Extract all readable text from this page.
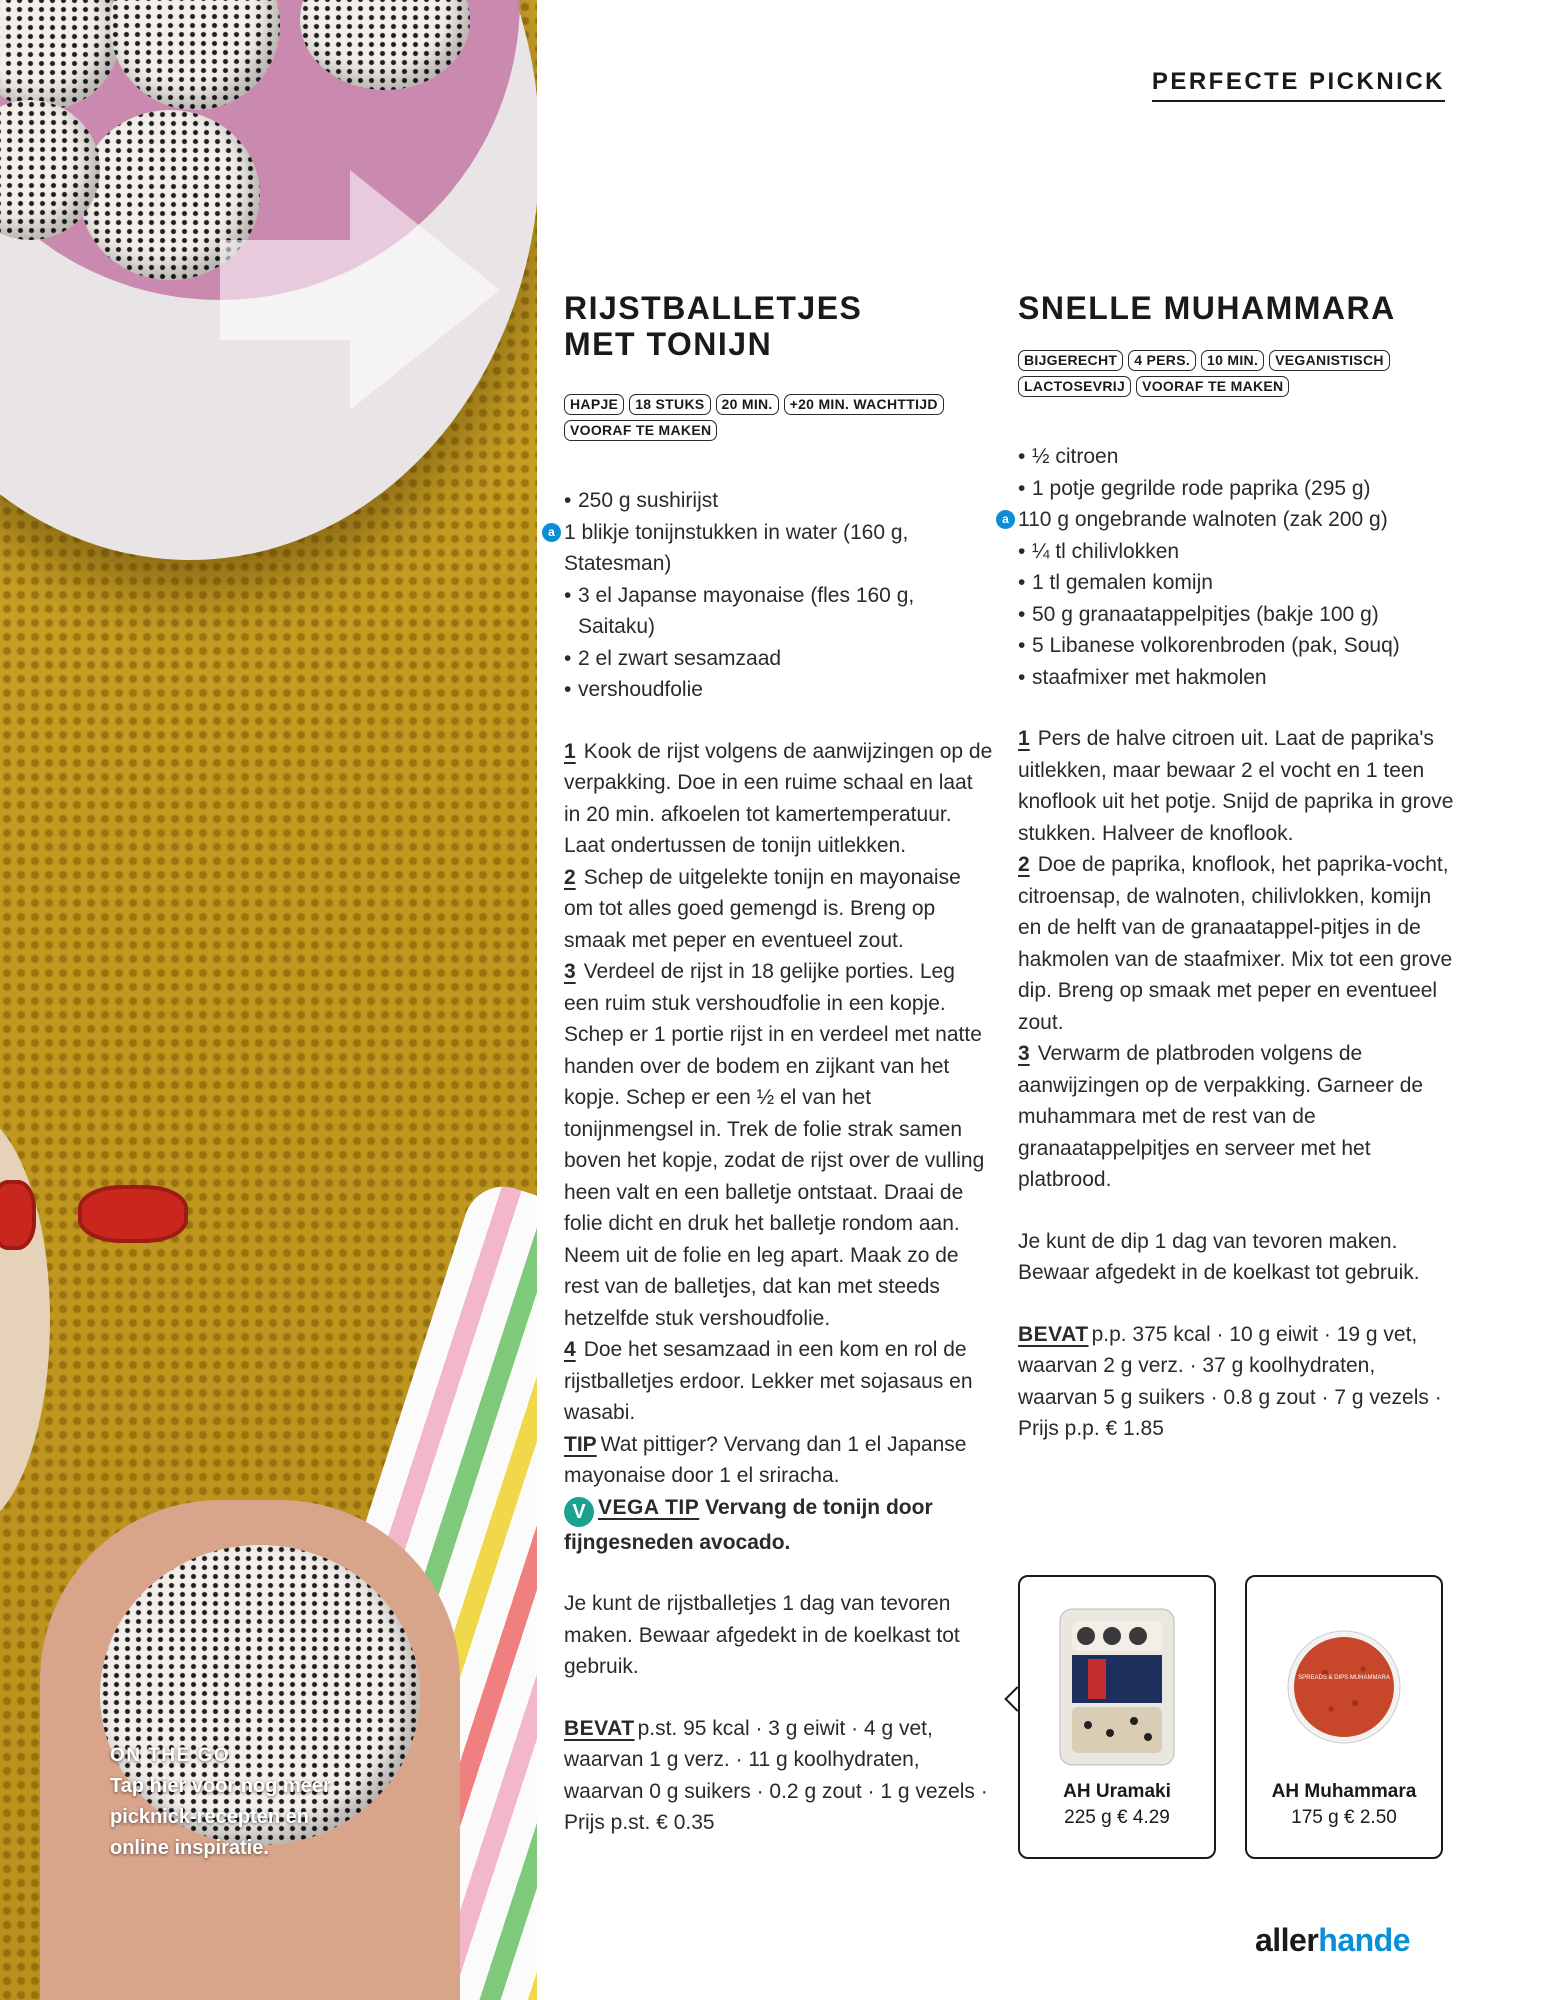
ON THE GO
Tap hier voor nog meer picknick-recepten en online inspiratie.
PERFECTE PICKNICK
RIJSTBALLETJES MET TONIJN
HAPJE	18 STUKS	20 MIN.	+20 MIN. WACHTTIJD
VOORAF TE MAKEN
• 250 g sushirijst
a 1 blikje tonijnstukken in water (160 g, Statesman)
• 3 el Japanse mayonaise (fles 160 g, Saitaku)
• 2 el zwart sesamzaad
• vershoudfolie

1 Kook de rijst volgens de aanwijzingen op de verpakking. Doe in een ruime schaal en laat in 20 min. afkoelen tot kamertemperatuur. Laat ondertussen de tonijn uitlekken.

2 Schep de uitgelekte tonijn en mayonaise om tot alles goed gemengd is. Breng op smaak met peper en eventueel zout.

3 Verdeel de rijst in 18 gelijke porties. Leg een ruim stuk vershoudfolie in een kopje. Schep er 1 portie rijst in en verdeel met natte handen over de bodem en zijkant van het kopje. Schep er een ½ el van het tonijnmengsel in. Trek de folie strak samen boven het kopje, zodat de rijst over de vulling heen valt en een balletje ontstaat. Draai de folie dicht en druk het balletje rondom aan. Neem uit de folie en leg apart. Maak zo de rest van de balletjes, dat kan met steeds hetzelfde stuk vershoudfolie.

4 Doe het sesamzaad in een kom en rol de rijstballetjes erdoor. Lekker met sojasaus en wasabi.

TIP Wat pittiger? Vervang dan 1 el Japanse mayonaise door 1 el sriracha.

V VEGA TIP Vervang de tonijn door fijngesneden avocado.

Je kunt de rijstballetjes 1 dag van tevoren maken. Bewaar afgedekt in de koelkast tot gebruik.

BEVAT p.st. 95 kcal · 3 g eiwit · 4 g vet, waarvan 1 g verz. · 11 g koolhydraten, waarvan 0 g suikers · 0.2 g zout · 1 g vezels · Prijs p.st. € 0.35

SNELLE MUHAMMARA
BIJGERECHT	4 PERS.	10 MIN.	VEGANISTISCH
LACTOSEVRIJ	VOORAF TE MAKEN
• ½ citroen
• 1 potje gegrilde rode paprika (295 g)
a 110 g ongebrande walnoten (zak 200 g)
• ¼ tl chilivlokken
• 1 tl gemalen komijn
• 50 g granaatappelpitjes (bakje 100 g)
• 5 Libanese volkorenbroden (pak, Souq)
• staafmixer met hakmolen

1 Pers de halve citroen uit. Laat de paprika's uitlekken, maar bewaar 2 el vocht en 1 teen knoflook uit het potje. Snijd de paprika in grove stukken. Halveer de knoflook.

2 Doe de paprika, knoflook, het paprika-vocht, citroensap, de walnoten, chilivlokken, komijn en de helft van de granaatappel-pitjes in de hakmolen van de staafmixer. Mix tot een grove dip. Breng op smaak met peper en eventueel zout.

3 Verwarm de platbroden volgens de aanwijzingen op de verpakking. Garneer de muhammara met de rest van de granaatappelpitjes en serveer met het platbrood.

Je kunt de dip 1 dag van tevoren maken. Bewaar afgedekt in de koelkast tot gebruik.

BEVAT p.p. 375 kcal · 10 g eiwit · 19 g vet, waarvan 2 g verz. · 37 g koolhydraten, waarvan 5 g suikers · 0.8 g zout · 7 g vezels · Prijs p.p. € 1.85

AH Uramaki
225 g € 4.29
SPREADS & DIPS MUHAMMARA
AH Muhammara
175 g € 2.50
allerhande
